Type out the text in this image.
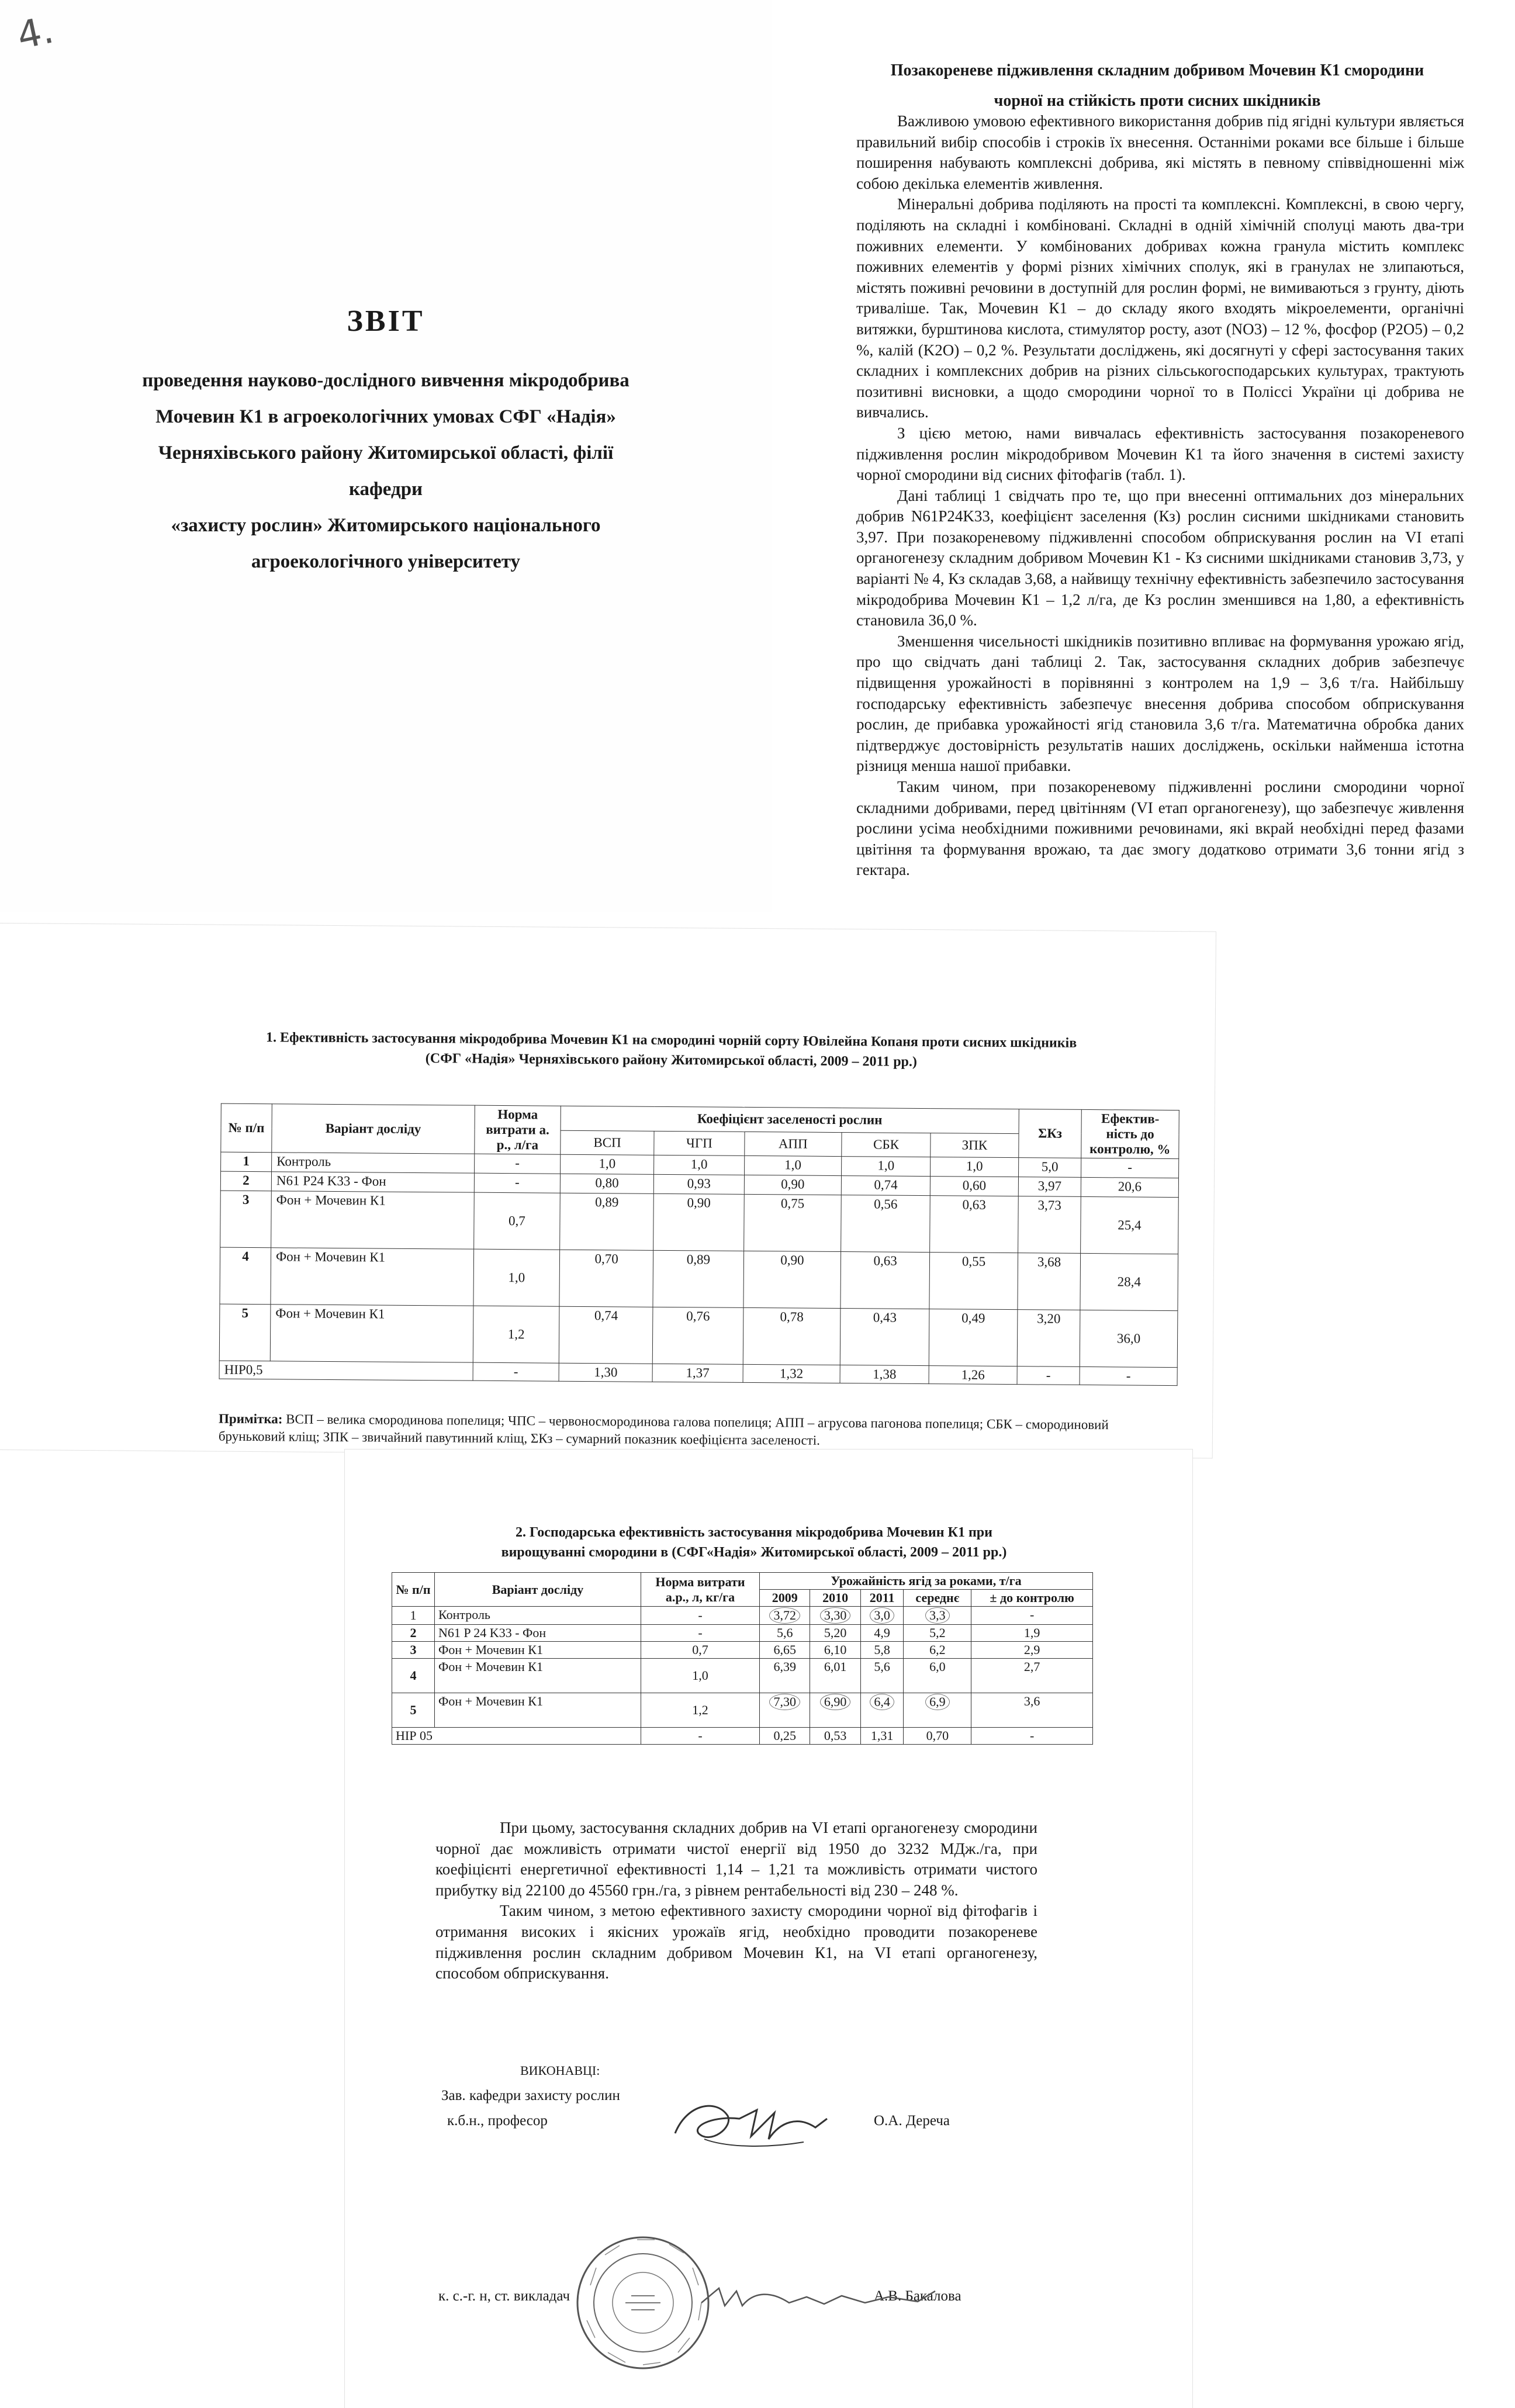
4.
ЗВІТ
проведення науково-дослідного вивчення мікродобрива
Мочевин К1 в агроекологічних умовах СФГ «Надія»
Черняхівського району Житомирської області, філії кафедри
«захисту рослин» Житомирського національного
агроекологічного університету
Позакореневе підживлення складним добривом Мочевин К1 смородини
чорної на стійкість проти сисних шкідників

Важливою умовою ефективного використання добрив під ягідні культури являється правильний вибір способів і строків їх внесення. Останніми роками все більше і більше поширення набувають комплексні добрива, які містять в певному співвідношенні між собою декілька елементів живлення.

Мінеральні добрива поділяють на прості та комплексні. Комплексні, в свою чергу, поділяють на складні і комбіновані. Складні в одній хімічній сполуці мають два-три поживних елементи. У комбінованих добривах кожна гранула містить комплекс поживних елементів у формі різних хімічних сполук, які в гранулах не злипаються, містять поживні речовини в доступній для рослин формі, не вимиваються з грунту, діють триваліше. Так, Мочевин К1 – до складу якого входять мікроелементи, органічні витяжки, бурштинова кислота, стимулятор росту, азот (NO3) – 12 %, фосфор (P2O5) – 0,2 %, калій (K2O) – 0,2 %. Результати досліджень, які досягнуті у сфері застосування таких складних і комплексних добрив на різних сільськогосподарських культурах, трактують позитивні висновки, а щодо смородини чорної то в Поліссі України ці добрива не вивчались.

З цією метою, нами вивчалась ефективність застосування позакореневого підживлення рослин мікродобривом Мочевин К1 та його значення в системі захисту чорної смородини від сисних фітофагів (табл. 1).

Дані таблиці 1 свідчать про те, що при внесенні оптимальних доз мінеральних добрив N61P24K33, коефіцієнт заселення (Кз) рослин сисними шкідниками становить 3,97. При позакореневому підживленні способом обприскування рослин на VI етапі органогенезу складним добривом Мочевин К1 - Кз сисними шкідниками становив 3,73, у варіанті № 4, Кз складав 3,68, а найвищу технічну ефективність забезпечило застосування мікродобрива Мочевин К1 – 1,2 л/га, де Кз рослин зменшився на 1,80, а ефективність становила 36,0 %.

Зменшення чисельності шкідників позитивно впливає на формування урожаю ягід, про що свідчать дані таблиці 2. Так, застосування складних добрив забезпечує підвищення урожайності в порівнянні з контролем на 1,9 – 3,6 т/га. Найбільшу господарську ефективність забезпечує внесення добрива способом обприскування рослин, де прибавка урожайності ягід становила 3,6 т/га. Математична обробка даних підтверджує достовірність результатів наших досліджень, оскільки найменша істотна різниця менша нашої прибавки.

Таким чином, при позакореневому підживленні рослини смородини чорної складними добривами, перед цвітінням (VI етап органогенезу), що забезпечує живлення рослини усіма необхідними поживними речовинами, які вкрай необхідні перед фазами цвітіння та формування врожаю, та дає змогу додатково отримати 3,6 тонни ягід з гектара.

1. Ефективність застосування мікродобрива Мочевин К1 на смородині чорній сорту Ювілейна Копаня проти сисних шкідників
(СФГ «Надія» Черняхівського району Житомирської області, 2009 – 2011 рр.)
№ п/п	Варіант досліду	Норма витрати а. р., л/га	Коефіцієнт заселеності рослин					ΣКз	Ефектив-ність до контролю, %
			ВСП	ЧГП	АПП	СБК	ЗПК		
1	Контроль	-	1,0	1,0	1,0	1,0	1,0	5,0	-
2	N61 P24 K33 - Фон	-	0,80	0,93	0,90	0,74	0,60	3,97	20,6
3	Фон + Мочевин К1	0,7	0,89	0,90	0,75	0,56	0,63	3,73	25,4
4	Фон + Мочевин К1	1,0	0,70	0,89	0,90	0,63	0,55	3,68	28,4
5	Фон + Мочевин К1	1,2	0,74	0,76	0,78	0,43	0,49	3,20	36,0
НІР0,5		-	1,30	1,37	1,32	1,38	1,26	-	-
Примітка: ВСП – велика смородинова попелиця; ЧПС – червоносмородинова галова попелиця; АПП – агрусова пагонова попелиця; СБК – смородиновий бруньковий кліщ; ЗПК – звичайний павутинний кліщ, ΣКз – сумарний показник коефіцієнта заселеності.
2. Господарська ефективність застосування мікродобрива Мочевин К1 при
вирощуванні смородини в (СФГ«Надія» Житомирської області, 2009 – 2011 рр.)
№ п/п	Варіант досліду	Норма витрати а.р., л, кг/га	Урожайність ягід за роками, т/га				
			2009	2010	2011	середнє	± до контролю
1	Контроль	-	3,72	3,30	3,0	3,3	-
2	N61 P 24 K33 - Фон	-	5,6	5,20	4,9	5,2	1,9
3	Фон + Мочевин К1	0,7	6,65	6,10	5,8	6,2	2,9
4	Фон + Мочевин К1	1,0	6,39	6,01	5,6	6,0	2,7
5	Фон + Мочевин К1	1,2	7,30	6,90	6,4	6,9	3,6
НІР 05		-	0,25	0,53	1,31	0,70	-

При цьому, застосування складних добрив на VI етапі органогенезу смородини чорної дає можливість отримати чистої енергії від 1950 до 3232 МДж./га, при коефіцієнті енергетичної ефективності 1,14 – 1,21 та можливість отримати чистого прибутку від 22100 до 45560 грн./га, з рівнем рентабельності від 230 – 248 %.

Таким чином, з метою ефективного захисту смородини чорної від фітофагів і отримання високих і якісних урожаїв ягід, необхідно проводити позакореневе підживлення рослин складним добривом Мочевин К1, на VI етапі органогенезу, способом обприскування.

ВИКОНАВЦІ:
Зав. кафедри захисту рослин
к.б.н., професор	О.А. Дереча
к. с.-г. н, ст. викладач	А.В. Бакалова
